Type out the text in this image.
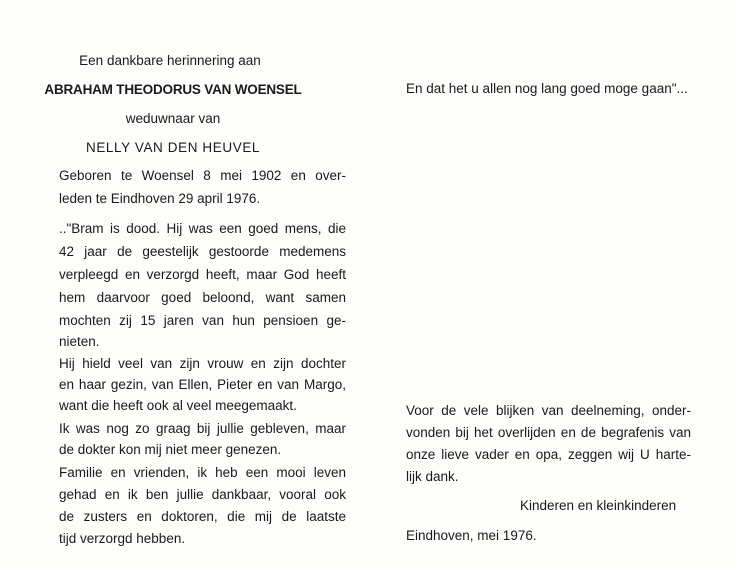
Een dankbare herinnering aan
ABRAHAM THEODORUS VAN WOENSEL
weduwnaar van
NELLY VAN DEN HEUVEL
Geboren te Woensel 8 mei 1902 en over-
leden te Eindhoven 29 april 1976.
.."Bram is dood. Hij was een goed mens, die
42 jaar de geestelijk gestoorde medemens
verpleegd en verzorgd heeft, maar God heeft
hem daarvoor goed beloond, want samen
mochten zij 15 jaren van hun pensioen ge-
nieten.
Hij hield veel van zijn vrouw en zijn dochter
en haar gezin, van Ellen, Pieter en van Margo,
want die heeft ook al veel meegemaakt.
Ik was nog zo graag bij jullie gebleven, maar
de dokter kon mij niet meer genezen.
Familie en vrienden, ik heb een mooi leven
gehad en ik ben jullie dankbaar, vooral ook
de zusters en doktoren, die mij de laatste
tijd verzorgd hebben.
En dat het u allen nog lang goed moge gaan"...
Voor de vele blijken van deelneming, onder-
vonden bij het overlijden en de begrafenis van
onze lieve vader en opa, zeggen wij U harte-
lijk dank.
Kinderen en kleinkinderen
Eindhoven, mei 1976.
